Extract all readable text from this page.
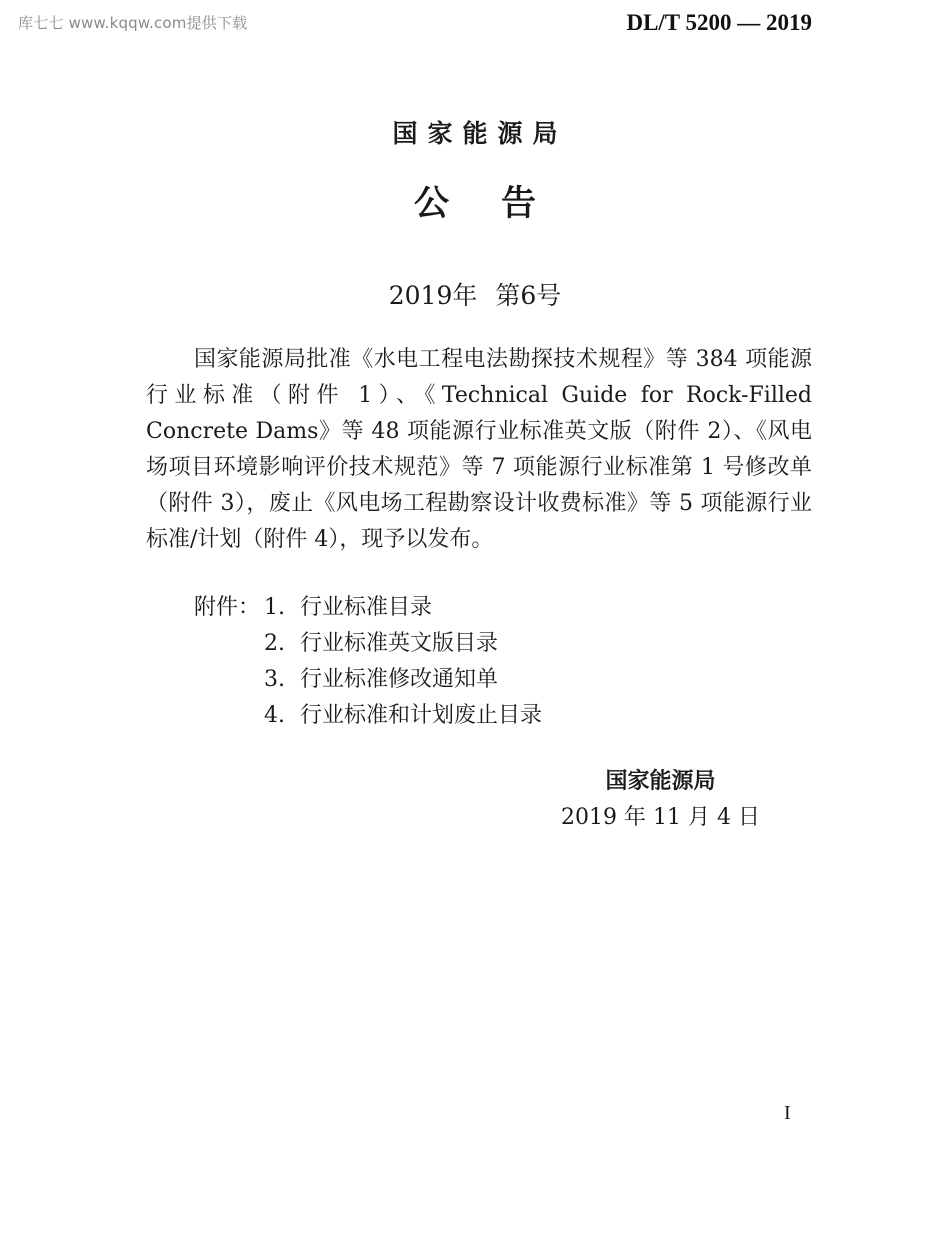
库七七 www.kqqw.com提供下载	DL/T 5200 — 2019
国家能源局
公告
2019年 第6号

国家能源局批准《水电工程电法勘探技术规程》等 384 项能源行业标准（附件 1）、《Technical Guide for Rock-Filled Concrete Dams》等 48 项能源行业标准英文版（附件 2）、《风电场项目环境影响评价技术规范》等 7 项能源行业标准第 1 号修改单（附件 3），废止《风电场工程勘察设计收费标准》等 5 项能源行业标准/计划（附件 4），现予以发布。

附件： 1. 行业标准目录
2. 行业标准英文版目录
3. 行业标准修改通知单
4. 行业标准和计划废止目录
国家能源局
2019 年 11 月 4 日
I
